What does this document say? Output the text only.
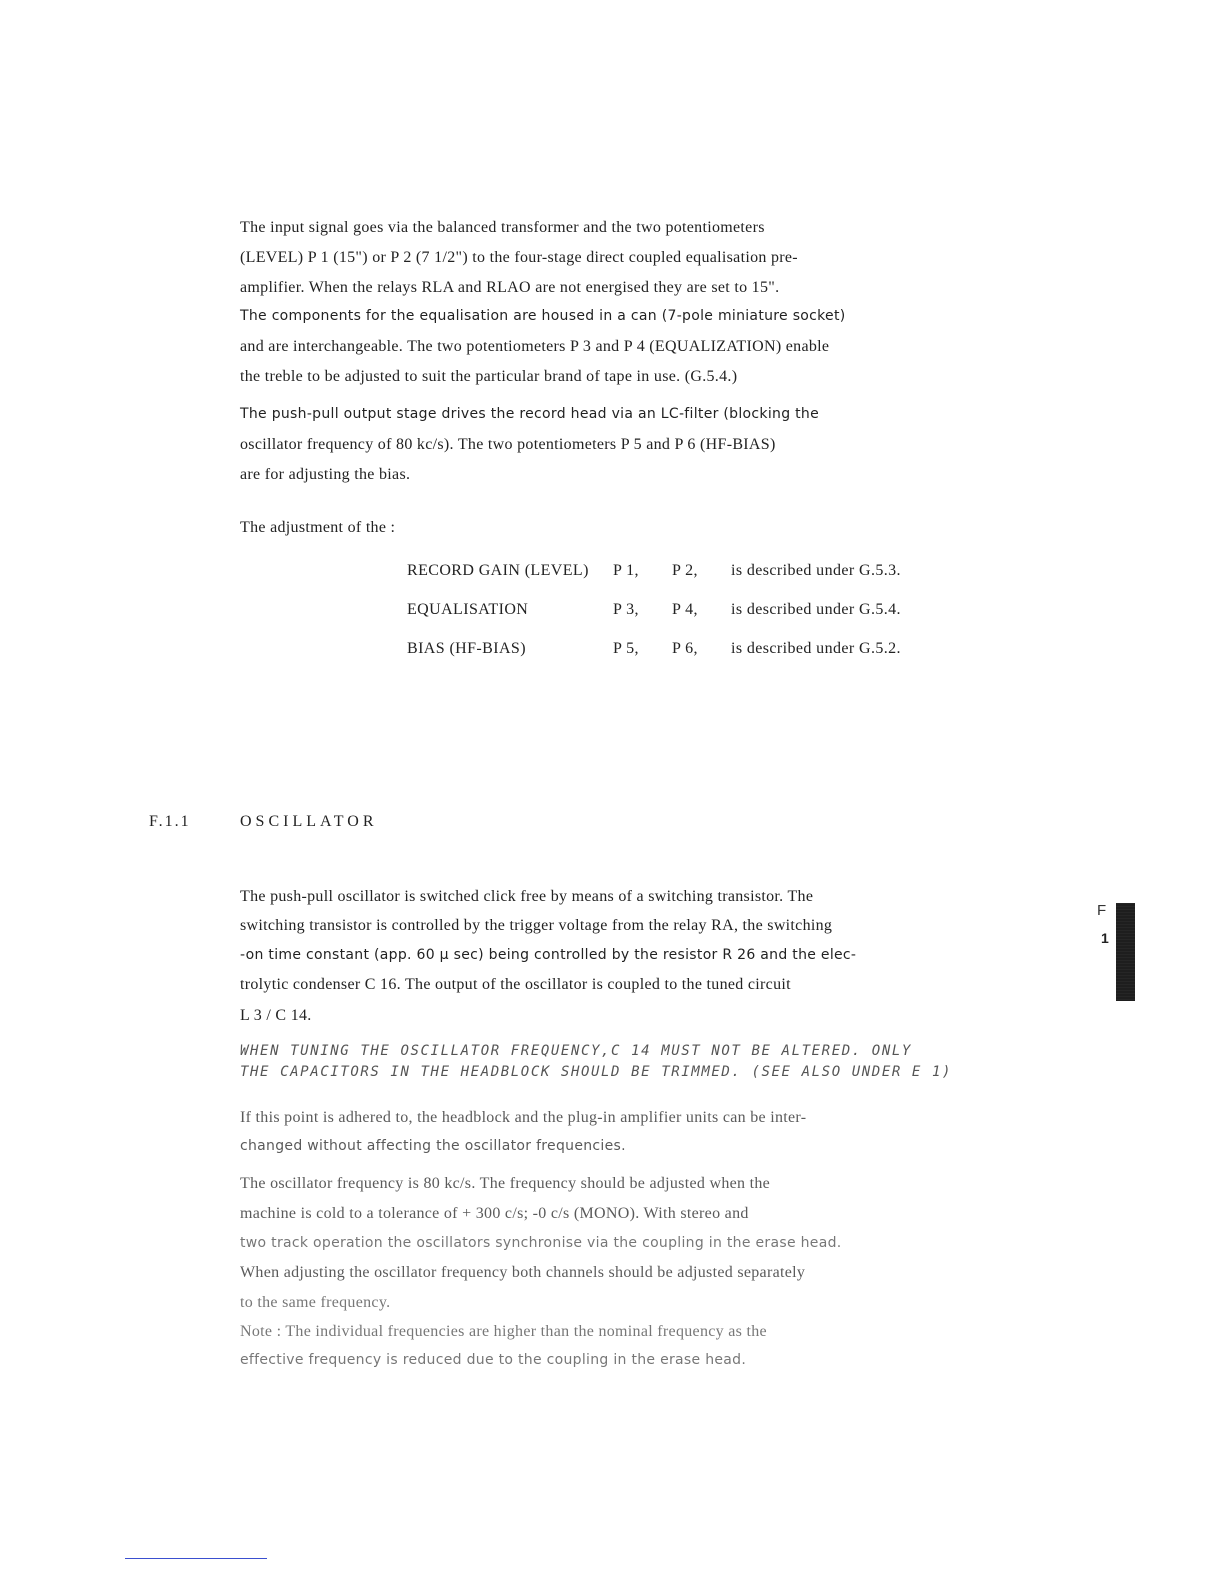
The input signal goes via the balanced transformer and the two potentiometers
(LEVEL) P 1 (15") or P 2 (7 1/2") to the four-stage direct coupled equalisation pre-
amplifier. When the relays RLA and RLAO are not energised they are set to 15".
The components for the equalisation are housed in a can (7-pole miniature socket)
and are interchangeable. The two potentiometers P 3 and P 4 (EQUALIZATION) enable
the treble to be adjusted to suit the particular brand of tape in use. (G.5.4.)
The push-pull output stage drives the record head via an LC-filter (blocking the
oscillator frequency of 80 kc/s). The two potentiometers P 5 and P 6 (HF-BIAS)
are for adjusting the bias.
The adjustment of the :
RECORD GAIN (LEVEL) P 1, P 2, is described under G.5.3.
EQUALISATION	P 3, P 4, is described under G.5.4.
BIAS (HF-BIAS)	P 5, P 6, is described under G.5.2.
F.1.1	OSCILLATOR
The push-pull oscillator is switched click free by means of a switching transistor. The
switching transistor is controlled by the trigger voltage from the relay RA, the switching
-on time constant (app. 60 µ sec) being controlled by the resistor R 26 and the elec-
trolytic condenser C 16. The output of the oscillator is coupled to the tuned circuit
L 3 / C 14.
WHEN TUNING THE OSCILLATOR FREQUENCY,C 14 MUST NOT BE ALTERED. ONLY
THE CAPACITORS IN THE HEADBLOCK SHOULD BE TRIMMED. (SEE ALSO UNDER E 1)
If this point is adhered to, the headblock and the plug-in amplifier units can be inter-
changed without affecting the oscillator frequencies.
The oscillator frequency is 80 kc/s. The frequency should be adjusted when the
machine is cold to a tolerance of + 300 c/s; -0 c/s (MONO). With stereo and
two track operation the oscillators synchronise via the coupling in the erase head.
When adjusting the oscillator frequency both channels should be adjusted separately
to the same frequency.
Note : The individual frequencies are higher than the nominal frequency as the
effective frequency is reduced due to the coupling in the erase head.
F
1
